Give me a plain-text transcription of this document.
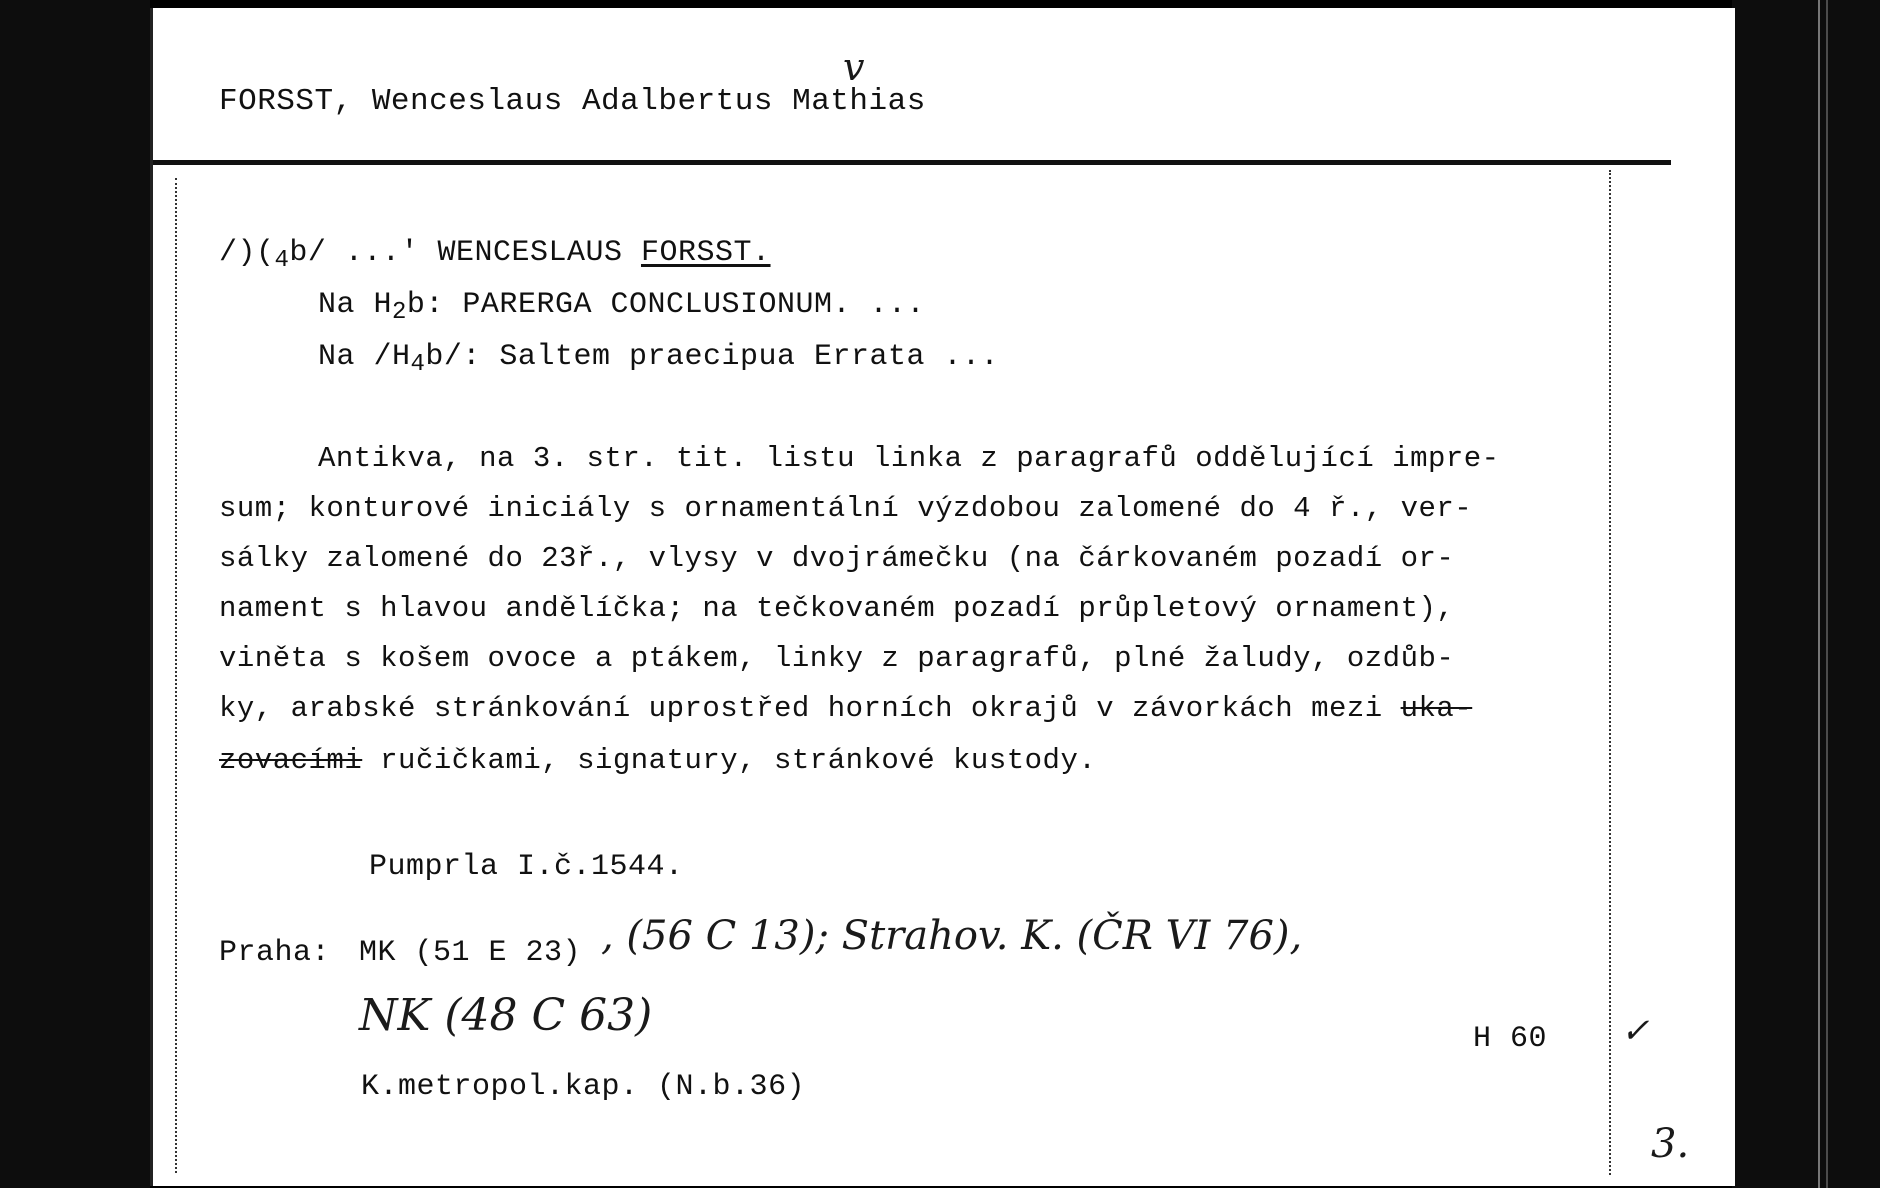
FORSST, Wenceslaus Adalbertus Mathias
v
$/)(_4b/$ ...' WENCESLAUS FORSST.
Na $H_2b$: PARERGA CONCLUSIONUM. ...
Na $/H_4b/$: Saltem praecipua Errata ...
Antikva, na 3. str. tit. listu linka z paragrafů oddělující impre-
sum; konturové iniciály s ornamentální výzdobou zalomené do 4 ř., ver-
sálky zalomené do 23ř., vlysy v dvojrámečku (na čárkovaném pozadí or-
nament s hlavou andělíčka; na tečkovaném pozadí průpletový ornament),
viněta s košem ovoce a ptákem, linky z paragrafů, plné žaludy, ozdůb-
ky, arabské stránkování uprostřed horních okrajů v závorkách mezi uka-
zovacími ručičkami, signatury, stránkové kustody.
Pumprla I.č.1544.
Praha: MK (51 E 23) , (56 C 13); Strahov. K. (ČR VI 76),
NK (48 C 63)
K.metropol.kap. (N.b.36)
H 60 ✓
3.
